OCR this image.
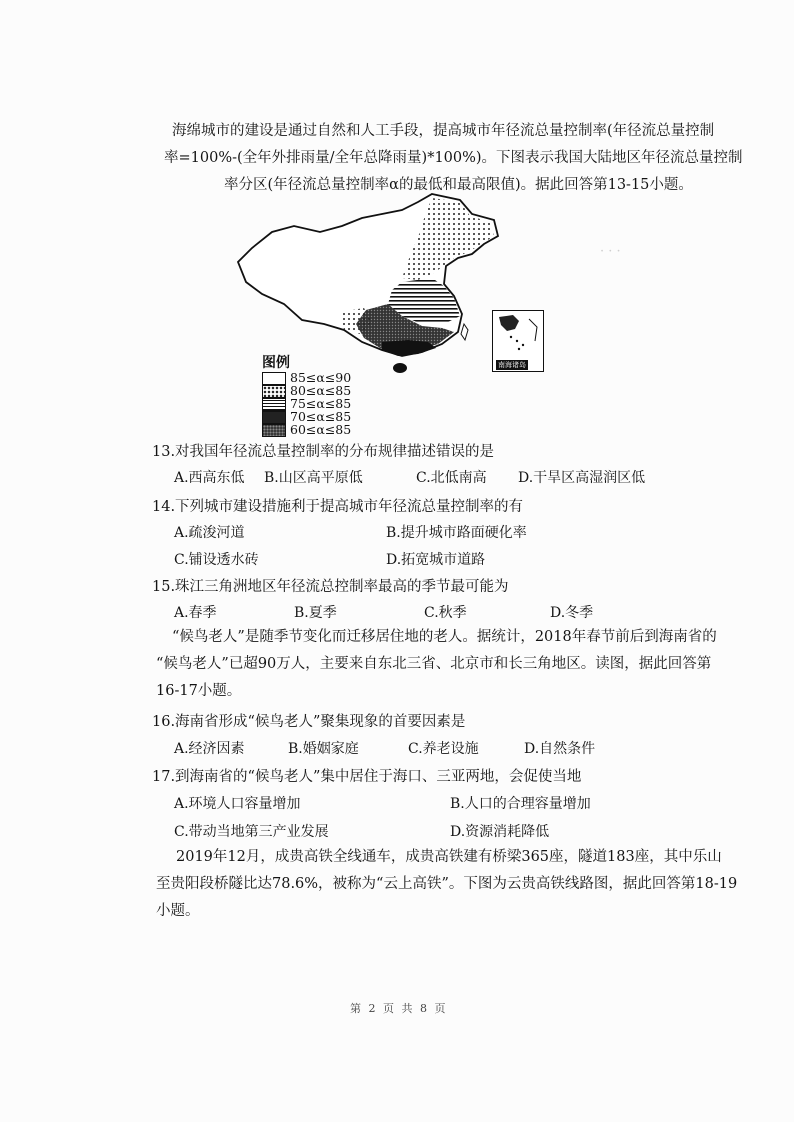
· · ·
海绵城市的建设是通过自然和人工手段，提高城市年径流总量控制率(年径流总量控制
率=100%-(全年外排雨量/全年总降雨量)*100%)。下图表示我国大陆地区年径流总量控制
率分区(年径流总量控制率α的最低和最高限值)。据此回答第13-15小题。
南海诸岛
图例
85≤α≤90
80≤α≤85
75≤α≤85
70≤α≤85
60≤α≤85
13.对我国年径流总量控制率的分布规律描述错误的是
A.西高东低 B.山区高平原低	C.北低南高 D.干旱区高湿润区低
14.下列城市建设措施利于提高城市年径流总量控制率的有
A.疏浚河道	B.提升城市路面硬化率
C.铺设透水砖	D.拓宽城市道路
15.珠江三角洲地区年径流总控制率最高的季节最可能为
A.春季	B.夏季	C.秋季	D.冬季
“候鸟老人”是随季节变化而迁移居住地的老人。据统计，2018年春节前后到海南省的
“候鸟老人”已超90万人，主要来自东北三省、北京市和长三角地区。读图，据此回答第
16-17小题。
16.海南省形成“候鸟老人”聚集现象的首要因素是
A.经济因素	B.婚姻家庭	C.养老设施	D.自然条件
17.到海南省的“候鸟老人”集中居住于海口、三亚两地，会促使当地
A.环境人口容量增加	B.人口的合理容量增加
C.带动当地第三产业发展	D.资源消耗降低
2019年12月，成贵高铁全线通车，成贵高铁建有桥梁365座，隧道183座，其中乐山
至贵阳段桥隧比达78.6%，被称为“云上高铁”。下图为云贵高铁线路图，据此回答第18-19
小题。
第 2 页 共 8 页
